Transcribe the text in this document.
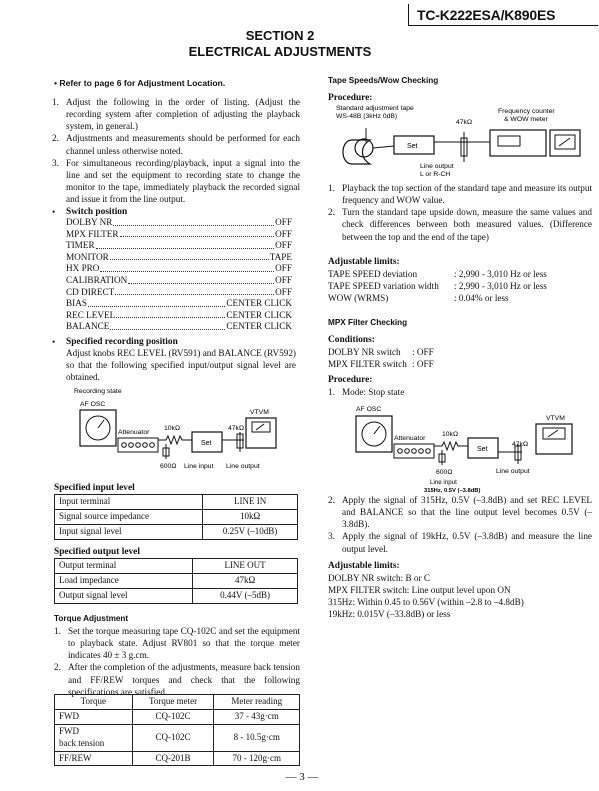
TC-K222ESA/K890ES
SECTION 2
ELECTRICAL ADJUSTMENTS
• Refer to page 6 for Adjustment Location.
1. Adjust the following in the order of listing. (Adjust the recording system after completion of adjusting the playback system, in general.)
2. Adjustments and measurements should be performed for each channel unless otherwise noted.
3. For simultaneous recording/playback, input a signal into the line and set the equipment to recording state to change the monitor to the tape, immediately playback the recorded signal and issue it from the line output.
• Switch position
DOLBY NR	OFF
MPX FILTER	OFF
TIMER	OFF
MONITOR	TAPE
HX PRO	OFF
CALIBRATION	OFF
CD DIRECT	OFF
BIAS	CENTER CLICK
REC LEVEL	CENTER CLICK
BALANCE	CENTER CLICK
• Specified recording position
Adjust knobs REC LEVEL (RV591) and BALANCE (RV592) so that the following specified input/output signal level are obtained.
Recording state
AF OSC
Attenuator
10kΩ
600Ω
Set
Line input Line output
47kΩ
VTVM
Specified input level
Input terminal	LINE IN
Signal source impedance	10kΩ
Input signal level	0.25V (–10dB)
Specified output level
Output terminal	LINE OUT
Load impedance	47kΩ
Output signal level	0.44V (–5dB)
Torque Adjustment
1. Set the torque measuring tape CQ-102C and set the equipment to playback state. Adjust RV801 so that the torque meter indicates 40 ± 3 g.cm.
2. After the completion of the adjustments, measure back tension and FF/REW torques and check that the following specifications are satisfied.
Torque	Torque meter	Meter reading
FWD	CQ-102C	37 - 43g·cm
FWD
back tension	CQ-102C	8 - 10.5g·cm
FF/REW	CQ-201B	70 - 120g·cm
Tape Speeds/Wow Checking
Procedure:
Standard adjustment tape
WS-48B (3kHz 0dB)
Frequency counter
& WOW meter
Set
47kΩ
Line output
L or R-CH
1. Playback the top section of the standard tape and measure its output frequency and WOW value.
2. Turn the standard tape upside down, measure the same values and check differences between both measured values. (Difference between the top and the end of the tape)
Adjustable limits:
TAPE SPEED deviation	: 2,990 - 3,010 Hz or less
TAPE SPEED variation width	: 2,990 - 3,010 Hz or less
WOW (WRMS)	: 0.04% or less
MPX Filter Checking
Conditions:
DOLBY NR switch	: OFF
MPX FILTER switch : OFF
Procedure:
1. Mode: Stop state
AF OSC
Attenuator
10kΩ
600Ω
Set
47kΩ
Line output
Line input
315Hz, 0.5V (–3.8dB)
VTVM
2. Apply the signal of 315Hz, 0.5V (–3.8dB) and set REC LEVEL and BALANCE so that the line output level becomes 0.5V (–3.8dB).
3. Apply the signal of 19kHz, 0.5V (–3.8dB) and measure the line output level.
Adjustable limits:
DOLBY NR switch: B or C
MPX FILTER switch: Line output level upon ON
315Hz: Within 0.45 to 0.56V (within –2.8 to –4.8dB)
19kHz: 0.015V (–33.8dB) or less
— 3 —
